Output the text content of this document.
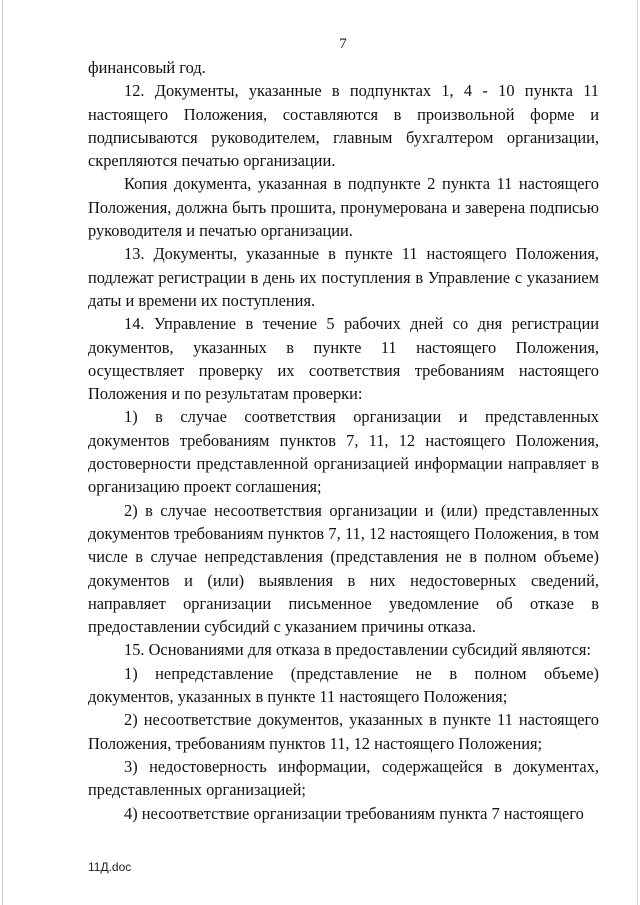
7

финансовый год.

12. Документы, указанные в подпунктах 1, 4 - 10 пункта 11 настоящего Положения, составляются в произвольной форме и подписываются руководителем, главным бухгалтером организации, скрепляются печатью организации.

Копия документа, указанная в подпункте 2 пункта 11 настоящего Положения, должна быть прошита, пронумерована и заверена подписью руководителя и печатью организации.

13. Документы, указанные в пункте 11 настоящего Положения, подлежат регистрации в день их поступления в Управление с указанием даты и времени их поступления.

14. Управление в течение 5 рабочих дней со дня регистрации документов, указанных в пункте 11 настоящего Положения, осуществляет проверку их соответствия требованиям настоящего Положения и по результатам проверки:

1) в случае соответствия организации и представленных документов требованиям пунктов 7, 11, 12 настоящего Положения, достоверности представленной организацией информации направляет в организацию проект соглашения;

2) в случае несоответствия организации и (или) представленных документов требованиям пунктов 7, 11, 12 настоящего Положения, в том числе в случае непредставления (представления не в полном объеме) документов и (или) выявления в них недостоверных сведений, направляет организации письменное уведомление об отказе в предоставлении субсидий с указанием причины отказа.

15. Основаниями для отказа в предоставлении субсидий являются:

1) непредставление (представление не в полном объеме) документов, указанных в пункте 11 настоящего Положения;

2) несоответствие документов, указанных в пункте 11 настоящего Положения, требованиям пунктов 11, 12 настоящего Положения;

3) недостоверность информации, содержащейся в документах, представленных организацией;

4) несоответствие организации требованиям пункта 7 настоящего

11Д.doc
